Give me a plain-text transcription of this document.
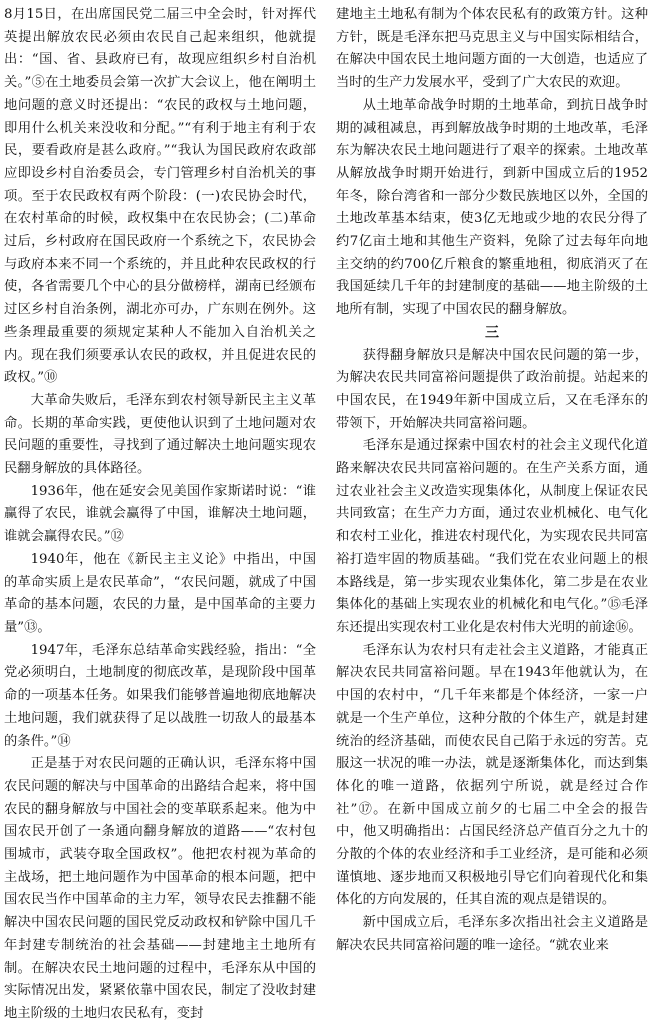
8月15日，在出席国民党二届三中全会时，针对挥代英提出解放农民必须由农民自己起来组织，他就提出：“国、省、县政府已有，故现应组织乡村自治机关。”⑤在土地委员会第一次扩大会议上，他在阐明土地问题的意义时还提出：“农民的政权与土地问题，即用什么机关来没收和分配。”“有利于地主有利于农民，要看政府是甚么政府。”“我认为国民政府农政部应即设乡村自治委员会，专门管理乡村自治机关的事项。至于农民政权有两个阶段：(一)农民协会时代，在农村革命的时候，政权集中在农民协会；(二)革命过后，乡村政府在国民政府一个系统之下，农民协会与政府本来不同一个系统的，并且此种农民政权的行使，各省需要几个中心的县分做榜样，湖南已经颁布过区乡村自治条例，湖北亦可办，广东则在例外。这些条理最重要的须规定某种人不能加入自治机关之内。现在我们须要承认农民的政权，并且促进农民的政权。”⑩

大革命失败后，毛泽东到农村领导新民主主义革命。长期的革命实践，更使他认识到了土地问题对农民问题的重要性，寻找到了通过解决土地问题实现农民翻身解放的具体路径。

1936年，他在延安会见美国作家斯诺时说：“谁赢得了农民，谁就会赢得了中国，谁解决土地问题，谁就会赢得农民。”⑫

1940年，他在《新民主主义论》中指出，中国的革命实质上是农民革命”，“农民问题，就成了中国革命的基本问题，农民的力量，是中国革命的主要力量”⑬。

1947年，毛泽东总结革命实践经验，指出：“全党必须明白，土地制度的彻底改革，是现阶段中国革命的一项基本任务。如果我们能够普遍地彻底地解决土地问题，我们就获得了足以战胜一切敌人的最基本的条件。”⑭

正是基于对农民问题的正确认识，毛泽东将中国农民问题的解决与中国革命的出路结合起来，将中国农民的翻身解放与中国社会的变革联系起来。他为中国农民开创了一条通向翻身解放的道路——“农村包围城市，武装夺取全国政权”。他把农村视为革命的主战场，把土地问题作为中国革命的根本问题，把中国农民当作中国革命的主力军，领导农民去推翻不能解决中国农民问题的国民党反动政权和铲除中国几千年封建专制统治的社会基础——封建地主土地所有制。在解决农民土地问题的过程中，毛泽东从中国的实际情况出发，紧紧依靠中国农民，制定了没收封建地主阶级的土地归农民私有，变封

建地主土地私有制为个体农民私有的政策方针。这种方针，既是毛泽东把马克思主义与中国实际相结合，在解决中国农民土地问题方面的一大创造，也适应了当时的生产力发展水平，受到了广大农民的欢迎。

从土地革命战争时期的土地革命，到抗日战争时期的减租减息，再到解放战争时期的土地改革，毛泽东为解决农民土地问题进行了艰辛的探索。土地改革从解放战争时期开始进行，到新中国成立后的1952年冬，除台湾省和一部分少数民族地区以外，全国的土地改革基本结束，使3亿无地或少地的农民分得了约7亿亩土地和其他生产资料，免除了过去每年向地主交纳的约700亿斤粮食的繁重地租，彻底消灭了在我国延续几千年的封建制度的基础——地主阶级的土地所有制，实现了中国农民的翻身解放。

三

获得翻身解放只是解决中国农民问题的第一步，为解决农民共同富裕问题提供了政治前提。站起来的中国农民，在1949年新中国成立后，又在毛泽东的带领下，开始解决共同富裕问题。

毛泽东是通过探索中国农村的社会主义现代化道路来解决农民共同富裕问题的。在生产关系方面，通过农业社会主义改造实现集体化，从制度上保证农民共同致富；在生产力方面，通过农业机械化、电气化和农村工业化，推进农村现代化，为实现农民共同富裕打造牢固的物质基础。“我们党在农业问题上的根本路线是，第一步实现农业集体化，第二步是在农业集体化的基础上实现农业的机械化和电气化。”⑮毛泽东还提出实现农村工业化是农村伟大光明的前途⑯。

毛泽东认为农村只有走社会主义道路，才能真正解决农民共同富裕问题。早在1943年他就认为，在中国的农村中，“几千年来都是个体经济，一家一户就是一个生产单位，这种分散的个体生产，就是封建统治的经济基础，而使农民自己陷于永远的穷苦。克服这一状况的唯一办法，就是逐渐集体化，而达到集体化的唯一道路，依据列宁所说，就是经过合作社”⑰。在新中国成立前夕的七届二中全会的报告中，他又明确指出：占国民经济总产值百分之九十的分散的个体的农业经济和手工业经济，是可能和必须谨慎地、逐步地而又积极地引导它们向着现代化和集体化的方向发展的，任其自流的观点是错误的。

新中国成立后，毛泽东多次指出社会主义道路是解决农民共同富裕问题的唯一途径。“就农业来
